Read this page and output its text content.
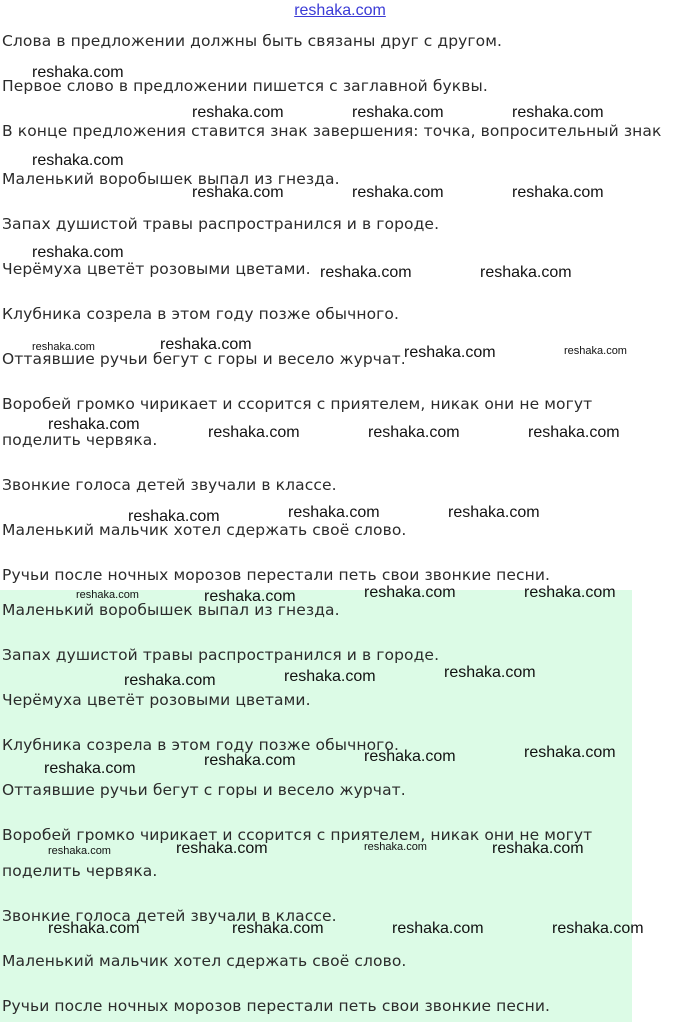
reshaka.com
Слова в предложении должны быть связаны друг с другом.
Первое слово в предложении пишется с заглавной буквы.
В конце предложения ставится знак завершения: точка, вопросительный знак
Маленький воробышек выпал из гнезда.
Запах душистой травы распространился и в городе.
Черёмуха цветёт розовыми цветами.
Клубника созрела в этом году позже обычного.
Оттаявшие ручьи бегут с горы и весело журчат.
Воробей громко чирикает и ссорится с приятелем, никак они не могут
поделить червяка.
Звонкие голоса детей звучали в классе.
Маленький мальчик хотел сдержать своё слово.
Ручьи после ночных морозов перестали петь свои звонкие песни.
Маленький воробышек выпал из гнезда.
Запах душистой травы распространился и в городе.
Черёмуха цветёт розовыми цветами.
Клубника созрела в этом году позже обычного.
Оттаявшие ручьи бегут с горы и весело журчат.
Воробей громко чирикает и ссорится с приятелем, никак они не могут
поделить червяка.
Звонкие голоса детей звучали в классе.
Маленький мальчик хотел сдержать своё слово.
Ручьи после ночных морозов перестали петь свои звонкие песни.
reshaka.com
reshaka.com	reshaka.com	reshaka.com
reshaka.com
reshaka.com	reshaka.com	reshaka.com
reshaka.com
reshaka.com	reshaka.com
reshaka.com	reshaka.com	reshaka.com	reshaka.com
reshaka.com	reshaka.com	reshaka.com	reshaka.com
reshaka.com	reshaka.com	reshaka.com
reshaka.com	reshaka.com	reshaka.com	reshaka.com
reshaka.com	reshaka.com	reshaka.com
reshaka.com	reshaka.com	reshaka.com	reshaka.com
reshaka.com	reshaka.com	reshaka.com	reshaka.com
reshaka.com	reshaka.com	reshaka.com	reshaka.com
